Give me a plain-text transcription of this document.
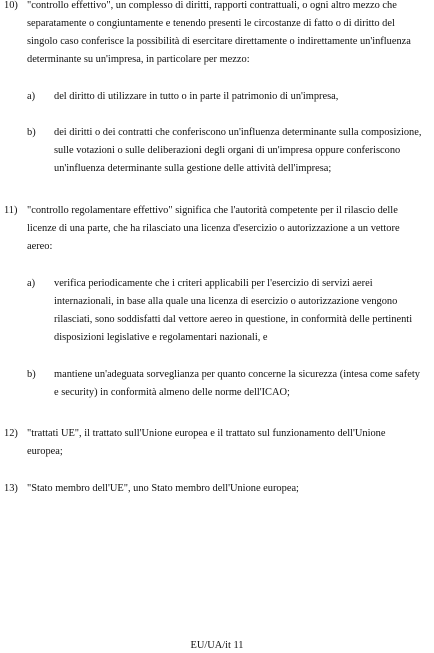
10) "controllo effettivo", un complesso di diritti, rapporti contrattuali, o ogni altro mezzo che
separatamente o congiuntamente e tenendo presenti le circostanze di fatto o di diritto del
singolo caso conferisce la possibilità di esercitare direttamente o indirettamente un'influenza
determinante su un'impresa, in particolare per mezzo:
a) del diritto di utilizzare in tutto o in parte il patrimonio di un'impresa,
b) dei diritti o dei contratti che conferiscono un'influenza determinante sulla composizione,
sulle votazioni o sulle deliberazioni degli organi di un'impresa oppure conferiscono
un'influenza determinante sulla gestione delle attività dell'impresa;
11) "controllo regolamentare effettivo" significa che l'autorità competente per il rilascio delle
licenze di una parte, che ha rilasciato una licenza d'esercizio o autorizzazione a un vettore
aereo:
a) verifica periodicamente che i criteri applicabili per l'esercizio di servizi aerei
internazionali, in base alla quale una licenza di esercizio o autorizzazione vengono
rilasciati, sono soddisfatti dal vettore aereo in questione, in conformità delle pertinenti
disposizioni legislative e regolamentari nazionali, e
b) mantiene un'adeguata sorveglianza per quanto concerne la sicurezza (intesa come safety
e security) in conformità almeno delle norme dell'ICAO;
12) "trattati UE", il trattato sull'Unione europea e il trattato sul funzionamento dell'Unione
europea;
13) "Stato membro dell'UE", uno Stato membro dell'Unione europea;
EU/UA/it 11
